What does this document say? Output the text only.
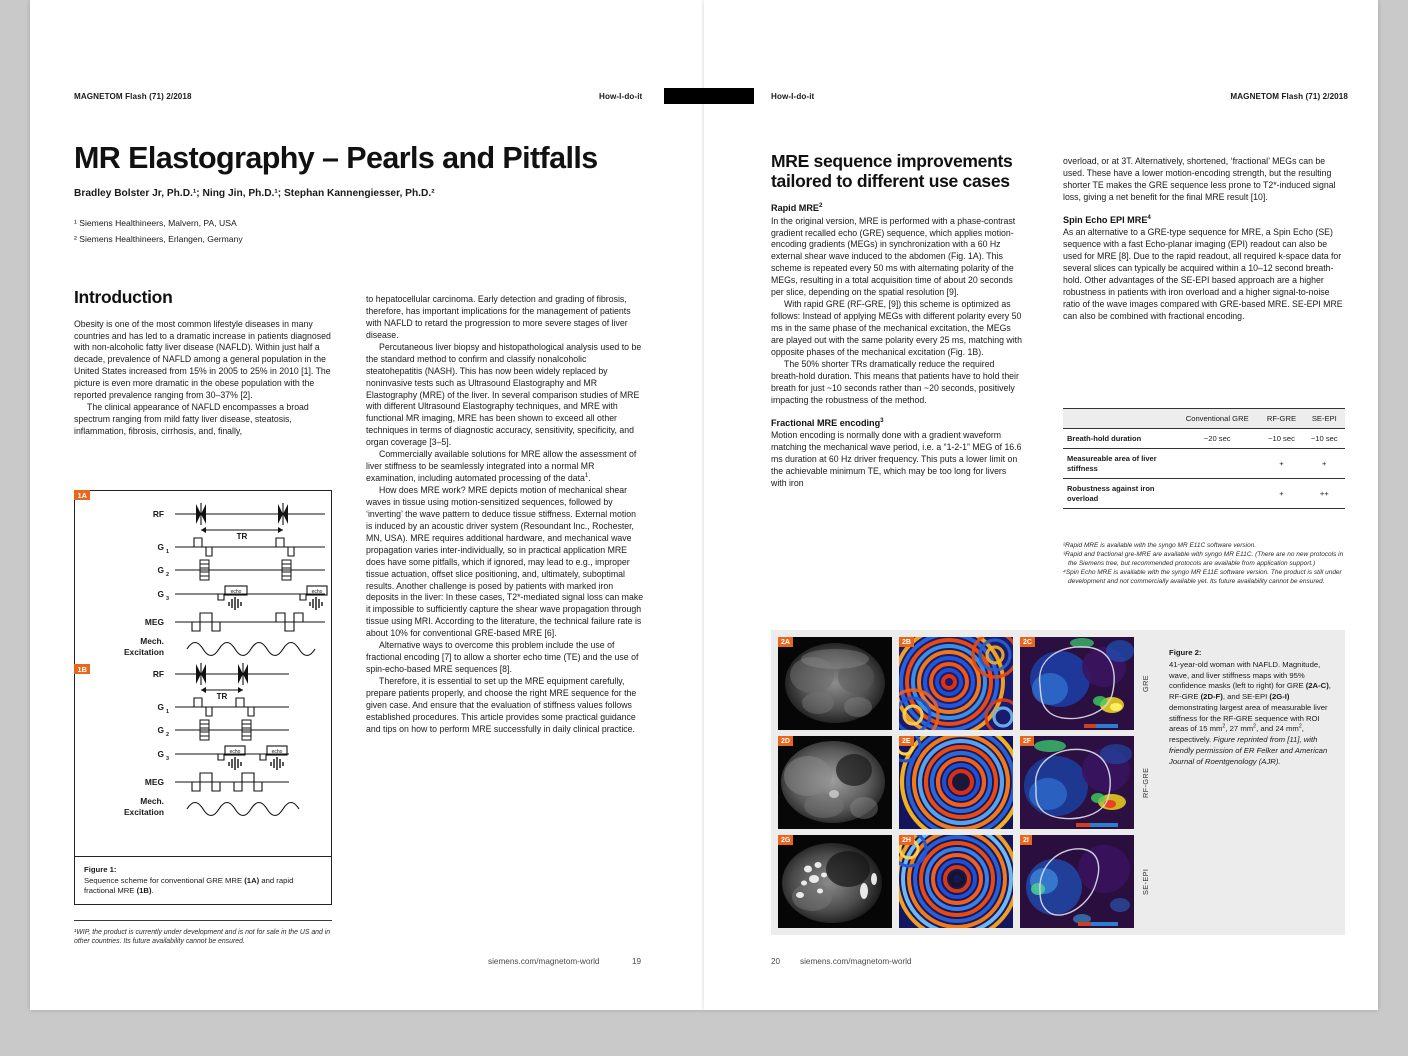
MAGNETOM Flash (71) 2/2018	How-I-do-it	How-I-do-it	MAGNETOM Flash (71) 2/2018
MR Elastography – Pearls and Pitfalls
Bradley Bolster Jr, Ph.D.¹; Ning Jin, Ph.D.¹; Stephan Kannengiesser, Ph.D.²
¹ Siemens Healthineers, Malvern, PA, USA
² Siemens Healthineers, Erlangen, Germany
Introduction

Obesity is one of the most common lifestyle diseases in many countries and has led to a dramatic increase in patients diagnosed with non-alcoholic fatty liver disease (NAFLD). Within just half a decade, prevalence of NAFLD among a general population in the United States increased from 15% in 2005 to 25% in 2010 [1]. The picture is even more dramatic in the obese population with the reported prevalence ranging from 30–37% [2].

The clinical appearance of NAFLD encompasses a broad spectrum ranging from mild fatty liver disease, steatosis, inflammation, fibrosis, cirrhosis, and, finally,

to hepatocellular carcinoma. Early detection and grading of fibrosis, therefore, has important implications for the management of patients with NAFLD to retard the progression to more severe stages of liver disease.

Percutaneous liver biopsy and histopathological analysis used to be the standard method to confirm and classify nonalcoholic steatohepatitis (NASH). This has now been widely replaced by noninvasive tests such as Ultrasound Elastography and MR Elastography (MRE) of the liver. In several comparison studies of MRE with different Ultrasound Elastography techniques, and MRE with functional MR imaging, MRE has been shown to exceed all other techniques in terms of diagnostic accuracy, sensitivity, specificity, and organ coverage [3–5].

Commercially available solutions for MRE allow the assessment of liver stiffness to be seamlessly integrated into a normal MR examination, including automated processing of the data$^1$.

How does MRE work? MRE depicts motion of mechanical shear waves in tissue using motion-sensitized sequences, followed by ‘inverting’ the wave pattern to deduce tissue stiffness. External motion is induced by an acoustic driver system (Resoundant Inc., Rochester, MN, USA). MRE requires additional hardware, and mechanical wave propagation varies inter-individually, so in practical application MRE does have some pitfalls, which if ignored, may lead to e.g., improper tissue actuation, offset slice positioning, and, ultimately, suboptimal results. Another challenge is posed by patients with marked iron deposits in the liver: In these cases, T2*-mediated signal loss can make it impossible to sufficiently capture the shear wave propagation through tissue using MRI. According to the literature, the technical failure rate is about 10% for conventional GRE-based MRE [6].

Alternative ways to overcome this problem include the use of fractional encoding [7] to allow a shorter echo time (TE) and the use of spin-echo-based MRE sequences [8].

Therefore, it is essential to set up the MRE equipment carefully, prepare patients properly, and choose the right MRE sequence for the given case. And ensure that the evaluation of stiffness values follows established procedures. This article provides some practical guidance and tips on how to perform MRE successfully in daily clinical practice.

1A
1B
TR
echo	echo
RF
G 1
G 2
G 3
MEG
Mech.
Excitation
TR
echo	echo
RF
G 1
G 2
G 3
MEG
Mech.
Excitation
Figure 1:
Sequence scheme for conventional GRE MRE (1A) and rapid fractional MRE (1B).
¹WIP, the product is currently under development and is not for sale in the US and in other countries. Its future availability cannot be ensured.
MRE sequence improvements
tailored to different use cases
Rapid MRE$^2$

In the original version, MRE is performed with a phase-contrast gradient recalled echo (GRE) sequence, which applies motion-encoding gradients (MEGs) in synchronization with a 60 Hz external shear wave induced to the abdomen (Fig. 1A). This scheme is repeated every 50 ms with alternating polarity of the MEGs, resulting in a total acquisition time of about 20 seconds per slice, depending on the spatial resolution [9].

With rapid GRE (RF-GRE, [9]) this scheme is optimized as follows: Instead of applying MEGs with different polarity every 50 ms in the same phase of the mechanical excitation, the MEGs are played out with the same polarity every 25 ms, matching with opposite phases of the mechanical excitation (Fig. 1B).

The 50% shorter TRs dramatically reduce the required breath-hold duration. This means that patients have to hold their breath for just ~10 seconds rather than ~20 seconds, positively impacting the robustness of the method.

Fractional MRE encoding$^3$

Motion encoding is normally done with a gradient waveform matching the mechanical wave period, i.e. a “1-2-1” MEG of 16.6 ms duration at 60 Hz driver frequency. This puts a lower limit on the achievable minimum TE, which may be too long for livers with iron

overload, or at 3T. Alternatively, shortened, ‘fractional’ MEGs can be used. These have a lower motion-encoding strength, but the resulting shorter TE makes the GRE sequence less prone to T2*-induced signal loss, giving a net benefit for the final MRE result [10].

Spin Echo EPI MRE$^4$

As an alternative to a GRE-type sequence for MRE, a Spin Echo (SE) sequence with a fast Echo-planar imaging (EPI) readout can also be used for MRE [8]. Due to the rapid readout, all required k-space data for several slices can typically be acquired within a 10–12 second breath-hold. Other advantages of the SE-EPI based approach are a higher robustness in patients with iron overload and a higher signal-to-noise ratio of the wave images compared with GRE-based MRE. SE-EPI MRE can also be combined with fractional encoding.

	Conventional GRE	RF-GRE	SE-EPI
Breath-hold duration	~20 sec	~10 sec	~10 sec
Measureable area of liver stiffness		+	+
Robustness against iron overload		+	++

²Rapid MRE is available with the syngo MR E11C software version.

³Rapid and fractional gre-MRE are available with syngo MR E11C. (There are no new protocols in the Siemens tree, but recommended protocols are available from application support.)

⁴Spin Echo MRE is available with the syngo MR E11E software version. The product is still under development and not commercially available yet. Its future availability cannot be ensured.

2A	2B	2C
GRE
2D	2E	2F
RF-GRE
2G	2H	2I
SE-EPI
Figure 2:
41-year-old woman with NAFLD. Magnitude, wave, and liver stiffness maps with 95% confidence masks (left to right) for GRE (2A-C), RF-GRE (2D-F), and SE-EPI (2G-I) demonstrating largest area of measurable liver stiffness for the RF-GRE sequence with ROI areas of 15 $mm^2$, 27 $mm^2$, and 24 $mm^2$, respectively. Figure reprinted from [11], with friendly permission of ER Felker and American Journal of Roentgenology (AJR).
siemens.com/magnetom-world	19	20 siemens.com/magnetom-world
